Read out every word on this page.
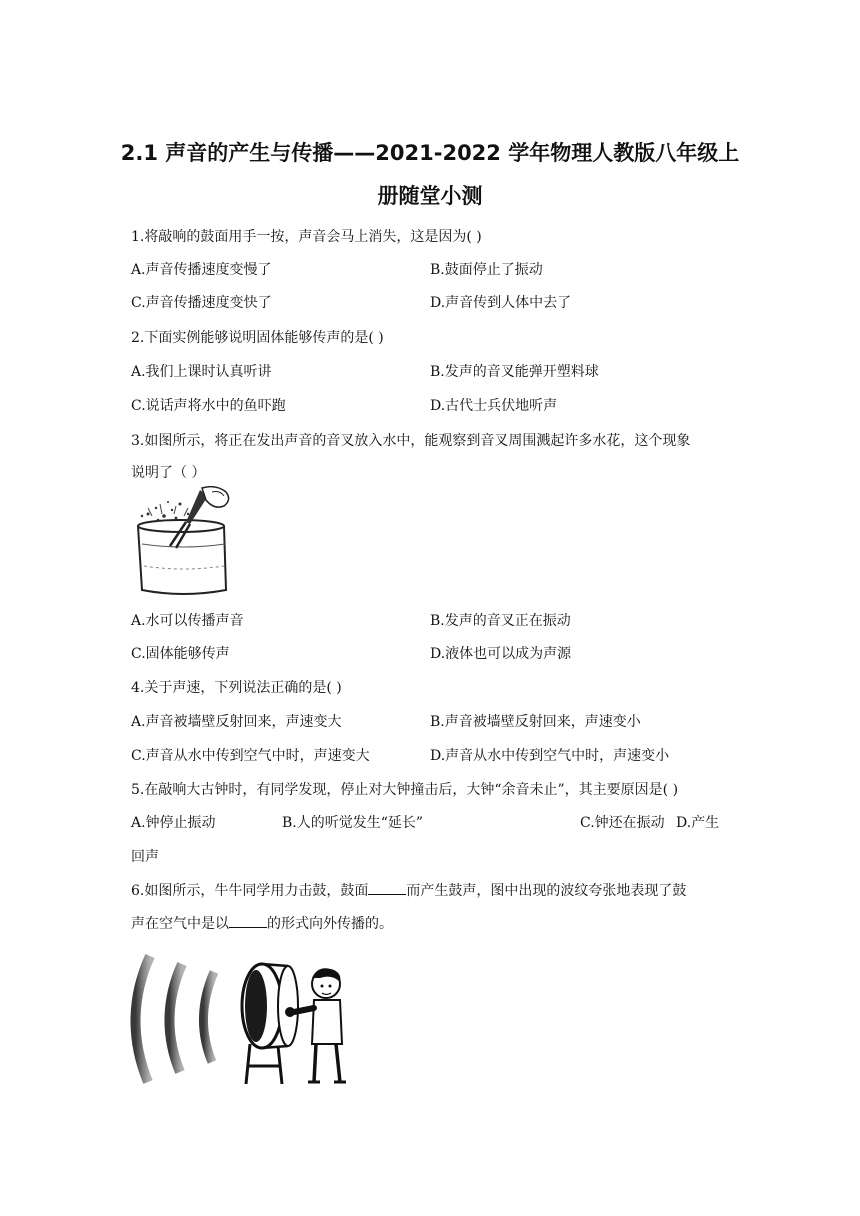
2.1 声音的产生与传播——2021-2022 学年物理人教版八年级上
册随堂小测
1.将敲响的鼓面用手一按，声音会马上消失，这是因为( )
A.声音传播速度变慢了	B.鼓面停止了振动
C.声音传播速度变快了	D.声音传到人体中去了
2.下面实例能够说明固体能够传声的是( )
A.我们上课时认真听讲	B.发声的音叉能弹开塑料球
C.说话声将水中的鱼吓跑	D.古代士兵伏地听声
3.如图所示，将正在发出声音的音叉放入水中，能观察到音叉周围溅起许多水花，这个现象
说明了（ ）
A.水可以传播声音	B.发声的音叉正在振动
C.固体能够传声	D.液体也可以成为声源
4.关于声速，下列说法正确的是( )
A.声音被墙壁反射回来，声速变大	B.声音被墙壁反射回来，声速变小
C.声音从水中传到空气中时，声速变大	D.声音从水中传到空气中时，声速变小
5.在敲响大古钟时，有同学发现，停止对大钟撞击后，大钟“余音未止”，其主要原因是( )
A.钟停止振动	B.人的听觉发生“延长”	C.钟还在振动 D.产生
回声
6.如图所示，牛牛同学用力击鼓，鼓面	而产生鼓声，图中出现的波纹夸张地表现了鼓
声在空气中是以	的形式向外传播的。
